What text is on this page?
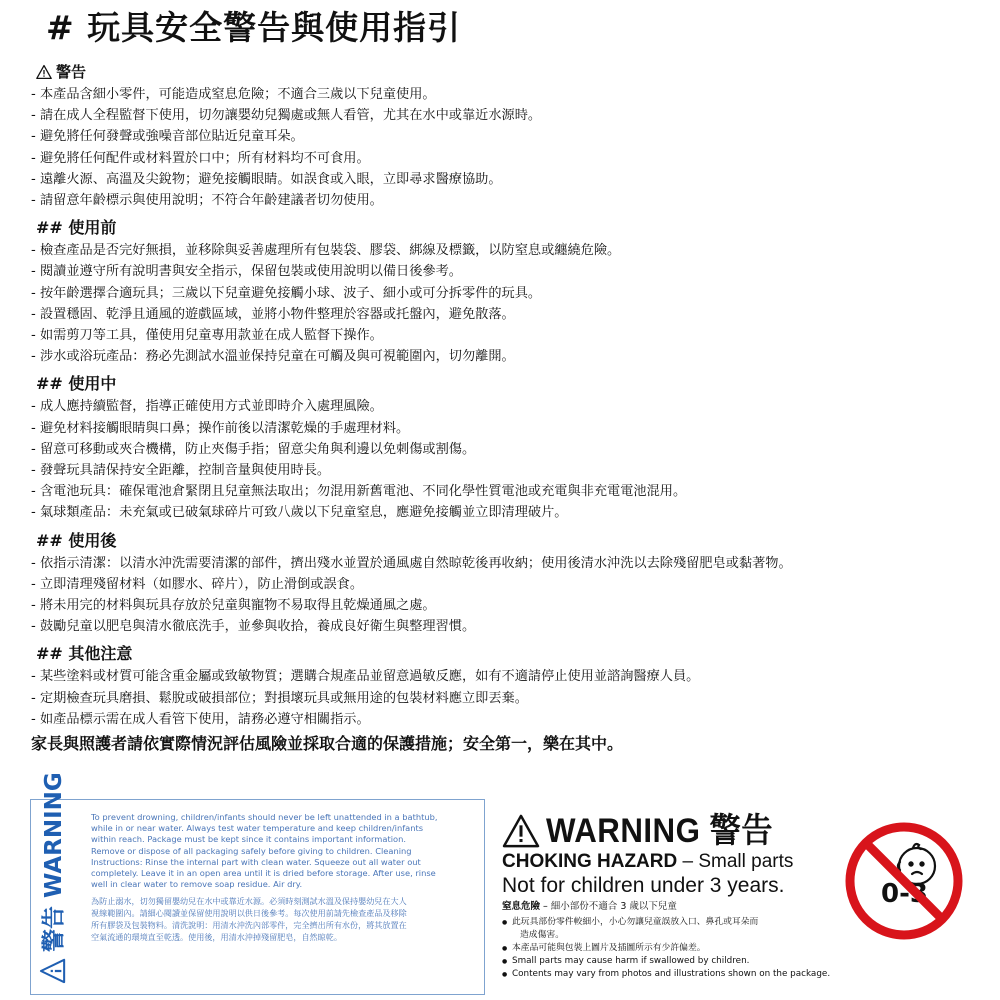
# 玩具安全警告與使用指引
警告
- 本產品含細小零件，可能造成窒息危險；不適合三歲以下兒童使用。
- 請在成人全程監督下使用，切勿讓嬰幼兒獨處或無人看管，尤其在水中或靠近水源時。
- 避免將任何發聲或強噪音部位貼近兒童耳朵。
- 避免將任何配件或材料置於口中；所有材料均不可食用。
- 遠離火源、高溫及尖銳物；避免接觸眼睛。如誤食或入眼，立即尋求醫療協助。
- 請留意年齡標示與使用說明；不符合年齡建議者切勿使用。
## 使用前
- 檢查產品是否完好無損，並移除與妥善處理所有包裝袋、膠袋、綁線及標籤，以防窒息或纏繞危險。
- 閱讀並遵守所有說明書與安全指示，保留包裝或使用說明以備日後參考。
- 按年齡選擇合適玩具；三歲以下兒童避免接觸小球、波子、細小或可分拆零件的玩具。
- 設置穩固、乾淨且通風的遊戲區域，並將小物件整理於容器或托盤內，避免散落。
- 如需剪刀等工具，僅使用兒童專用款並在成人監督下操作。
- 涉水或浴玩產品：務必先測試水溫並保持兒童在可觸及與可視範圍內，切勿離開。
## 使用中
- 成人應持續監督，指導正確使用方式並即時介入處理風險。
- 避免材料接觸眼睛與口鼻；操作前後以清潔乾燥的手處理材料。
- 留意可移動或夾合機構，防止夾傷手指；留意尖角與利邊以免刺傷或割傷。
- 發聲玩具請保持安全距離，控制音量與使用時長。
- 含電池玩具：確保電池倉緊閉且兒童無法取出；勿混用新舊電池、不同化學性質電池或充電與非充電電池混用。
- 氣球類產品：未充氣或已破氣球碎片可致八歲以下兒童窒息，應避免接觸並立即清理破片。
## 使用後
- 依指示清潔：以清水沖洗需要清潔的部件，擠出殘水並置於通風處自然晾乾後再收納；使用後清水沖洗以去除殘留肥皂或黏著物。
- 立即清理殘留材料（如膠水、碎片），防止滑倒或誤食。
- 將未用完的材料與玩具存放於兒童與寵物不易取得且乾燥通風之處。
- 鼓勵兒童以肥皂與清水徹底洗手，並參與收拾，養成良好衛生與整理習慣。
## 其他注意
- 某些塗料或材質可能含重金屬或致敏物質；選購合規產品並留意過敏反應，如有不適請停止使用並諮詢醫療人員。
- 定期檢查玩具磨損、鬆脫或破損部位；對損壞玩具或無用途的包裝材料應立即丟棄。
- 如產品標示需在成人看管下使用，請務必遵守相關指示。
家長與照護者請依實際情況評估風險並採取合適的保護措施；安全第一，樂在其中。
警告 WARNING	To prevent drowning, children/infants should never be left unattended in a bathtub,
while in or near water. Always test water temperature and keep children/infants
within reach. Package must be kept since it contains important information.
Remove or dispose of all packaging safely before giving to children. Cleaning
Instructions: Rinse the internal part with clean water. Squeeze out all water out
completely. Leave it in an open area until it is dried before storage. After use, rinse
well in clear water to remove soap residue. Air dry.
為防止溺水，切勿獨留嬰幼兒在水中或靠近水源。必須時刻測試水溫及保持嬰幼兒在大人
視線範圍內。請細心閱讀並保留使用說明以供日後參考。每次使用前請先檢查產品及移除
所有膠袋及包裝物料。清洗說明：用清水沖洗內部零件，完全擠出所有水份，將其放置在
空氣流通的環境直至乾透。使用後，用清水沖掉殘留肥皂，自然晾乾。
WARNING 警告
CHOKING HAZARD – Small parts
Not for children under 3 years.
窒息危險 – 細小部份不適合 3 歲以下兒童
● 此玩具部份零件較細小，小心勿讓兒童誤放入口、鼻孔或耳朵而
造成傷害。
● 本產品可能與包裝上圖片及插圖所示有少許偏差。
● Small parts may cause harm if swallowed by children.
● Contents may vary from photos and illustrations shown on the package.
0-3
